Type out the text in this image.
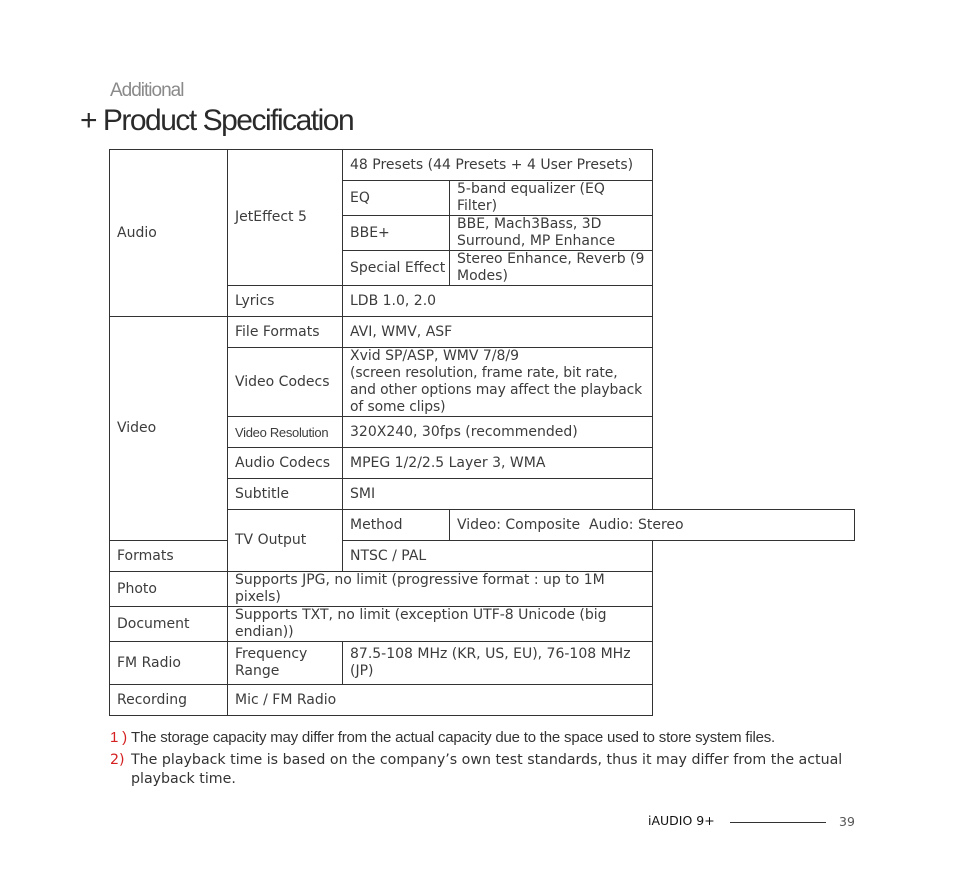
Additional
+ Product Specification
Audio	JetEffect 5	48 Presets (44 Presets + 4 User Presets)	
		EQ	5-band equalizer (EQ Filter)
		BBE+	BBE, Mach3Bass, 3D Surround, MP Enhance
		Special Effect	Stereo Enhance, Reverb (9 Modes)
	Lyrics	LDB 1.0, 2.0	
Video	File Formats	AVI, WMV, ASF	
	Video Codecs	Xvid SP/ASP, WMV 7/8/9
(screen resolution, frame rate, bit rate, and other options may affect the playback of some clips)	

	Video Resolution	320X240, 30fps (recommended)	
	Audio Codecs	MPEG 1/2/2.5 Layer 3, WMA	
	Subtitle	SMI	
	TV Output	Method	Video: Composite  Audio: Stereo
Formats		NTSC / PAL	
Photo	Supports JPG, no limit (progressive format : up to 1M pixels)		
Document	Supports TXT, no limit (exception UTF-8 Unicode (big endian))		
FM Radio	Frequency Range	87.5-108 MHz (KR, US, EU), 76-108 MHz (JP)	
Recording	Mic / FM Radio		
1 ) The storage capacity may differ from the actual capacity due to the space used to store system files.
2) The playback time is based on the company’s own test standards, thus it may differ from the actual playback time.
iAUDIO 9+	39
